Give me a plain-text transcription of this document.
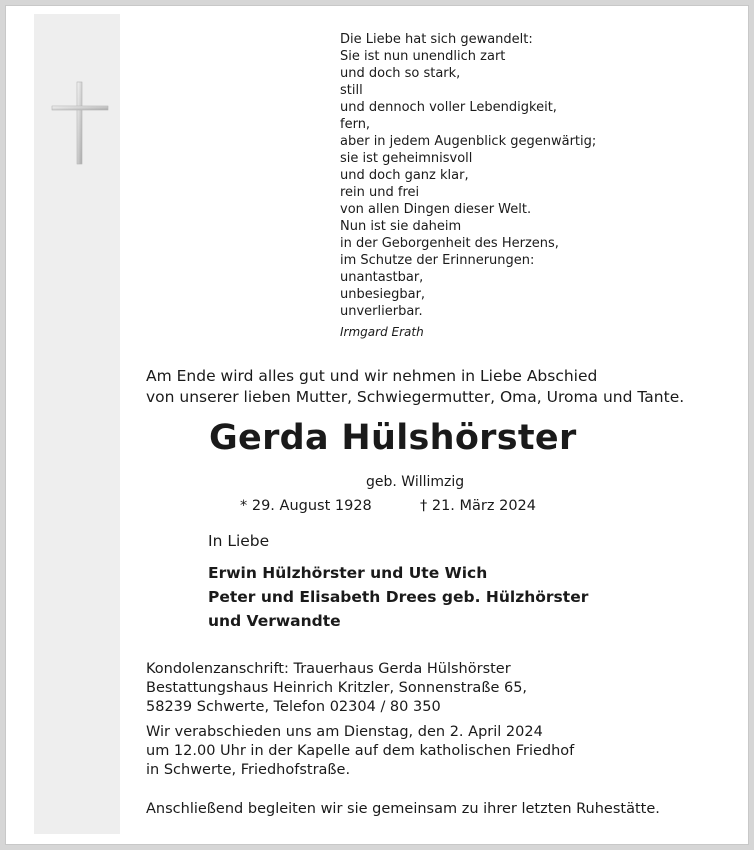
Die Liebe hat sich gewandelt:
Sie ist nun unendlich zart
und doch so stark,
still
und dennoch voller Lebendigkeit,
fern,
aber in jedem Augenblick gegenwärtig;
sie ist geheimnisvoll
und doch ganz klar,
rein und frei
von allen Dingen dieser Welt.
Nun ist sie daheim
in der Geborgenheit des Herzens,
im Schutze der Erinnerungen:
unantastbar,
unbesiegbar,
unverlierbar.
Irmgard Erath
Am Ende wird alles gut und wir nehmen in Liebe Abschied
von unserer lieben Mutter, Schwiegermutter, Oma, Uroma und Tante.
Gerda Hülshörster
geb. Willimzig
* 29. August 1928	† 21. März 2024
In Liebe
Erwin Hülzhörster und Ute Wich
Peter und Elisabeth Drees geb. Hülzhörster
und Verwandte
Kondolenzanschrift: Trauerhaus Gerda Hülshörster
Bestattungshaus Heinrich Kritzler, Sonnenstraße 65,
58239 Schwerte, Telefon 02304 / 80 350
Wir verabschieden uns am Dienstag, den 2. April 2024
um 12.00 Uhr in der Kapelle auf dem katholischen Friedhof
in Schwerte, Friedhofstraße.
Anschließend begleiten wir sie gemeinsam zu ihrer letzten Ruhestätte.
